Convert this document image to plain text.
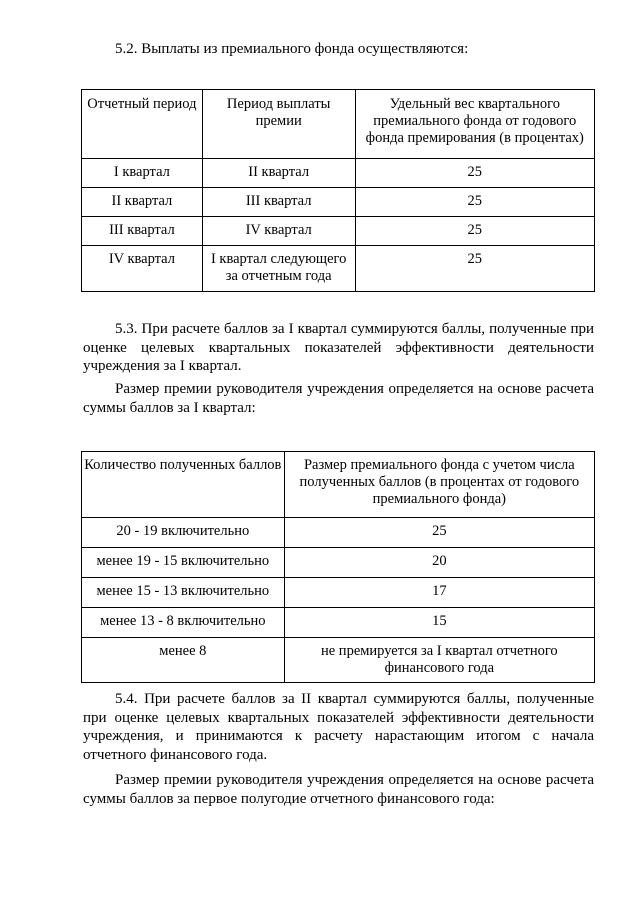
5.2. Выплаты из премиального фонда осуществляются:
Отчетный период	Период выплаты премии	Удельный вес квартального премиального фонда от годового фонда премирования (в процентах)
I квартал	II квартал	25
II квартал	III квартал	25
III квартал	IV квартал	25
IV квартал	I квартал следующего за отчетным года	25
5.3. При расчете баллов за I квартал суммируются баллы, полученные при оценке целевых квартальных показателей эффективности деятельности учреждения за I квартал.
Размер премии руководителя учреждения определяется на основе расчета суммы баллов за I квартал:
Количество полученных баллов	Размер премиального фонда с учетом числа полученных баллов (в процентах от годового премиального фонда)
20 - 19 включительно	25
менее 19 - 15 включительно	20
менее 15 - 13 включительно	17
менее 13 - 8 включительно	15
менее 8	не премируется за I квартал отчетного финансового года
5.4. При расчете баллов за II квартал суммируются баллы, полученные при оценке целевых квартальных показателей эффективности деятельности учреждения, и принимаются к расчету нарастающим итогом с начала отчетного финансового года.
Размер премии руководителя учреждения определяется на основе расчета суммы баллов за первое полугодие отчетного финансового года:
